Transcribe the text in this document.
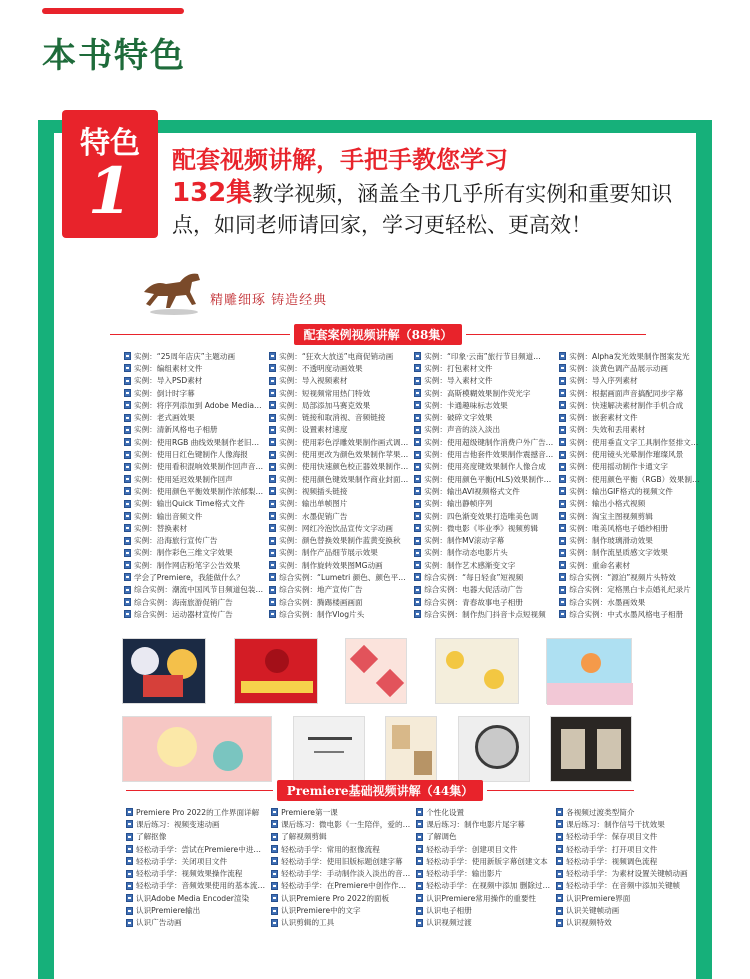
本书特色
特色
1	配套视频讲解，手把手教您学习
132集教学视频，涵盖全书几乎所有实例和重要知识点，如同老师请回家，学习更轻松、更高效！
精雕细琢 铸造经典
配套案例视频讲解（88集）
实例：“25周年店庆”主题动画	实例：“狂欢大放送”电商促销动画	实例：“印象·云南”旅行节目频道…	实例：Alpha发光效果制作图案发光
实例：编组素材文件	实例：不透明度动画效果	实例：打包素材文件	实例：淡黄色调产品展示动画
实例：导入PSD素材	实例：导入视频素材	实例：导入素材文件	实例：导入序列素材
实例：倒计时字幕	实例：短视频常用热门特效	实例：高斯模糊效果制作荧光字	实例：根据画面声音搞配同步字幕
实例：将序列添加到 Adobe Media… 实例：局部添加马赛克效果	实例：卡通趣味标志效果	实例：快速解决素材制作手机合成
实例：老式画效果	实例：链接和取消视、音频链接	实例：破碎文字效果	实例：嵌套素材文件
实例：清新风格电子相册	实例：设置素材速度	实例：声音的淡入淡出	实例：失效和丢用素材
实例：使用RGB 曲线效果制作老旧…	实例：使用彩色浮雕效果制作画式调… 实例：使用超级键制作消费户外广告… 实例：使用垂直文字工具制作竖排文…
实例：使用日红色键制作人像海报	实例：使用更改为颜色效果制作苹果… 实例：使用吉他套件效果制作震撼音… 实例：使用镜头光晕制作璀璨风景
实例：使用看积混响效果制作回声音… 实例：使用快速颜色校正器效果制作… 实例：使用亮度键效果制作人像合成	实例：使用摇动制作卡通文字
实例：使用延迟效果制作回声	实例：使用颜色键效果制作商业封面… 实例：使用颜色平衡(HLS)效果制作… 实例：使用颜色平衡（RGB）效果制…
实例：使用颜色平衡效果制作浓郁梨… 实例：视频插头链接	实例：输出AVI视频格式文件	实例：输出GIF格式的视频文件
实例：输出Quick Time格式文件	实例：输出单帧图片	实例：输出静帧序列	实例：输出小格式视频
实例：输出音频文件	实例：水墨促销广告	实例：四色渐变效果打造唯美色调	实例：淘宝主图视频剪辑
实例：替换素材	实例：网红冷泡饮品宣传文字动画	实例：微电影《毕业季》视频剪辑	实例：唯美风格电子婚纱相册
实例：沿海旅行宣传广告	实例：颜色替换效果制作蓝黄变换秋	实例：制作MV滚动字幕	实例：制作玻璃滑动效果
实例：制作彩色三维文字效果	实例：制作产品细节展示效果	实例：制作动态电影片头	实例：制作流星质感文字效果
实例：制作网店粉笔字公告效果	实例：制作旋转效果图MG动画	实例：制作艺术感渐变文字	实例：重命名素材
学会了Premiere，我能做什么？	综合实例：“Lumetri 颜色、颜色平… 综合实例：“每日轻食”短视频	综合实例：“源泊”视频片头特效
综合实例：潮流中国风节目频道包装… 综合实例：地产宣传广告	综合实例：电器大促活动广告	综合实例：定格黑白卡点婚礼纪录片
综合实例：海南旅游促销广告	综合实例：腾踢楼画画面	综合实例：青春故事电子相册	综合实例：水墨画效果
综合实例：运动器材宣传广告	综合实例：制作Vlog片头	综合实例：制作热门抖音卡点短视频	综合实例：中式水墨风格电子相册
Premiere基础视频讲解（44集）
Premiere Pro 2022的工作界面详解	Premiere第一课	个性化设置	各视频过渡类型简介
课后练习：视频变速动画	课后练习：微电影《一生陪伴，爱的… 课后练习：制作电影片尾字幕	课后练习：制作信号干扰效果
了解抠像	了解视频剪辑	了解调色	轻松动手学：保存项目文件
轻松动手学：尝试在Premiere中进…	轻松动手学：常用的抠像流程	轻松动手学：创建项目文件	轻松动手学：打开项目文件
轻松动手学：关闭项目文件	轻松动手学：使用旧版标题创建字幕	轻松动手学：使用新版字幕创建文本 轻松动手学：视频调色流程
轻松动手学：视频效果操作流程	轻松动手学：手动制作淡入淡出的音… 轻松动手学：输出影片	轻松动手学：为素材设置关键帧动画
轻松动手学：音频效果使用的基本流… 轻松动手学：在Premiere中创作作…	轻松动手学：在视频中添加 删除过… 轻松动手学：在音频中添加关键帧
认识Adobe Media Encoder渲染	认识Premiere Pro 2022的面板	认识Premiere常用操作的重要性	认识Premiere界面
认识Premiere输出	认识Premiere中的文字	认识电子相册	认识关键帧动画
认识广告动画	认识剪辑的工具	认识视频过渡	认识视频特效
